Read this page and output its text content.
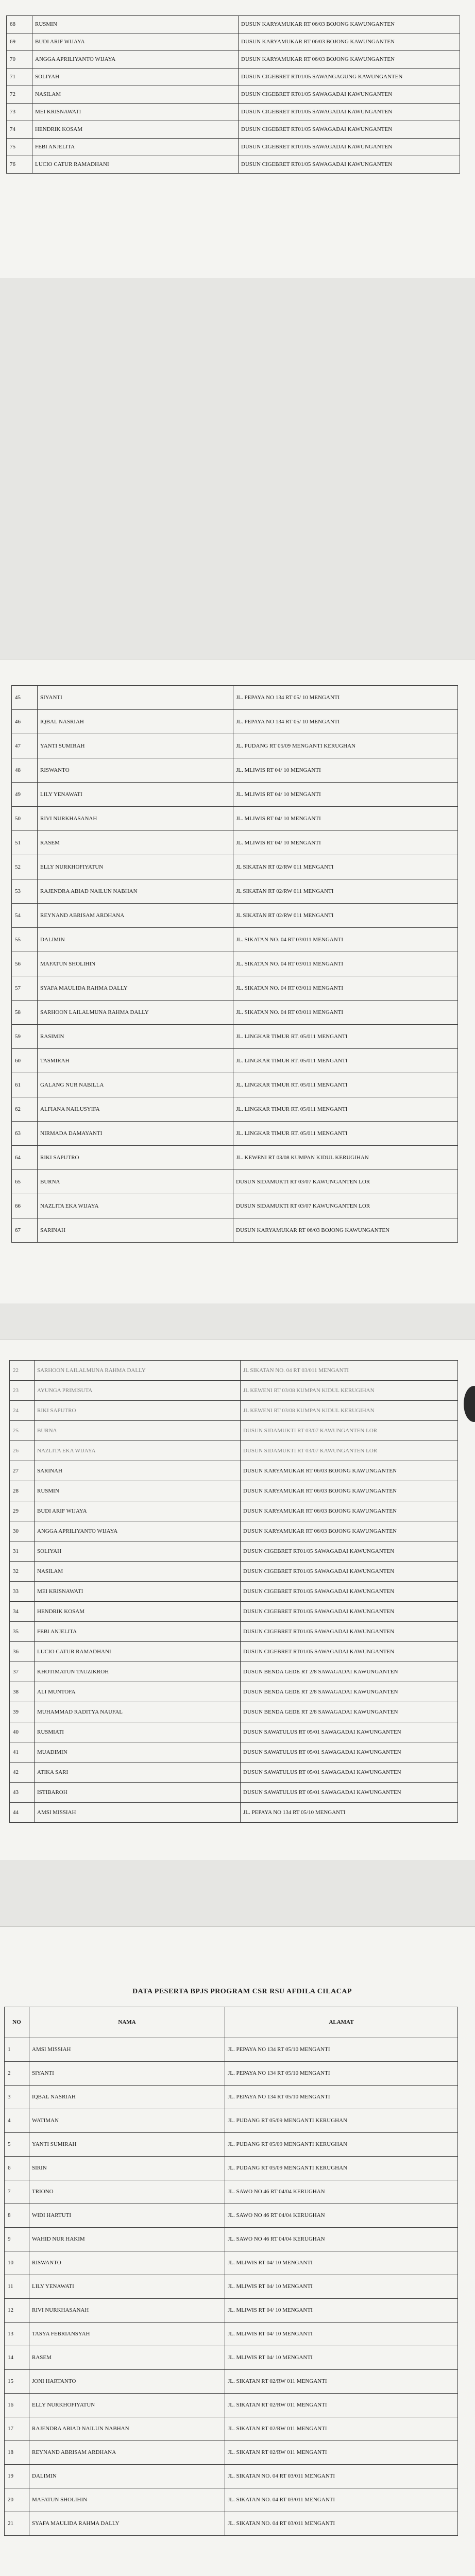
68	RUSMIN	DUSUN KARYAMUKAR RT 06/03 BOJONG KAWUNGANTEN
69	BUDI ARIF WIJAYA	DUSUN KARYAMUKAR RT 06/03 BOJONG KAWUNGANTEN
70	ANGGA APRILIYANTO WIJAYA	DUSUN KARYAMUKAR RT 06/03 BOJONG KAWUNGANTEN
71	SOLIYAH	DUSUN CIGEBRET RT01/05 SAWANGAGUNG KAWUNGANTEN
72	NASILAM	DUSUN CIGEBRET RT01/05 SAWAGADAI KAWUNGANTEN
73	MEI KRISNAWATI	DUSUN CIGEBRET RT01/05 SAWAGADAI KAWUNGANTEN
74	HENDRIK KOSAM	DUSUN CIGEBRET RT01/05 SAWAGADAI KAWUNGANTEN
75	FEBI ANJELITA	DUSUN CIGEBRET RT01/05 SAWAGADAI KAWUNGANTEN
76	LUCIO CATUR RAMADHANI	DUSUN CIGEBRET RT01/05 SAWAGADAI KAWUNGANTEN
45	SIYANTI	JL. PEPAYA NO 134 RT 05/ 10 MENGANTI
46	IQBAL NASRIAH	JL. PEPAYA NO 134 RT 05/ 10 MENGANTI
47	YANTI SUMIRAH	JL. PUDANG RT 05/09 MENGANTI KERUGHAN
48	RISWANTO	JL. MLIWIS RT 04/ 10 MENGANTI
49	LILY YENAWATI	JL. MLIWIS RT 04/ 10 MENGANTI
50	RIVI NURKHASANAH	JL. MLIWIS RT 04/ 10 MENGANTI
51	RASEM	JL. MLIWIS RT 04/ 10 MENGANTI
52	ELLY NURKHOFIYATUN	JL SIKATAN RT 02/RW 011 MENGANTI
53	RAJENDRA ABIAD NAILUN NABHAN	JL SIKATAN RT 02/RW 011 MENGANTI
54	REYNAND ABRISAM ARDHANA	JL SIKATAN RT 02/RW 011 MENGANTI
55	DALIMIN	JL. SIKATAN NO. 04 RT 03/011 MENGANTI
56	MAFATUN SHOLIHIN	JL. SIKATAN NO. 04 RT 03/011 MENGANTI
57	SYAFA MAULIDA RAHMA DALLY	JL. SIKATAN NO. 04 RT 03/011 MENGANTI
58	SARHOON LAILALMUNA RAHMA DALLY	JL. SIKATAN NO. 04 RT 03/011 MENGANTI
59	RASIMIN	JL. LINGKAR TIMUR RT. 05/011 MENGANTI
60	TASMIRAH	JL. LINGKAR TIMUR RT. 05/011 MENGANTI
61	GALANG NUR NABILLA	JL. LINGKAR TIMUR RT. 05/011 MENGANTI
62	ALFIANA NAILUSYIFA	JL. LINGKAR TIMUR RT. 05/011 MENGANTI
63	NIRMADA DAMAYANTI	JL. LINGKAR TIMUR RT. 05/011 MENGANTI
64	RIKI SAPUTRO	JL. KEWENI RT 03/08 KUMPAN KIDUL KERUGIHAN
65	BURNA	DUSUN SIDAMUKTI RT 03/07 KAWUNGANTEN LOR
66	NAZLITA EKA WIJAYA	DUSUN SIDAMUKTI RT 03/07 KAWUNGANTEN LOR
67	SARINAH	DUSUN KARYAMUKAR RT 06/03 BOJONG KAWUNGANTEN
22	SARHOON LAILALMUNA RAHMA DALLY	JL SIKATAN NO. 04 RT 03/011 MENGANTI
23	AYUNGA PRIMISUTA	JL KEWENI RT 03/08 KUMPAN KIDUL KERUGIHAN
24	RIKI SAPUTRO	JL KEWENI RT 03/08 KUMPAN KIDUL KERUGIHAN
25	BURNA	DUSUN SIDAMUKTI RT 03/07 KAWUNGANTEN LOR
26	NAZLITA EKA WIJAYA	DUSUN SIDAMUKTI RT 03/07 KAWUNGANTEN LOR
27	SARINAH	DUSUN KARYAMUKAR RT 06/03 BOJONG KAWUNGANTEN
28	RUSMIN	DUSUN KARYAMUKAR RT 06/03 BOJONG KAWUNGANTEN
29	BUDI ARIF WIJAYA	DUSUN KARYAMUKAR RT 06/03 BOJONG KAWUNGANTEN
30	ANGGA APRILIYANTO WIJAYA	DUSUN KARYAMUKAR RT 06/03 BOJONG KAWUNGANTEN
31	SOLIYAH	DUSUN CIGEBRET RT01/05 SAWAGADAI KAWUNGANTEN
32	NASILAM	DUSUN CIGEBRET RT01/05 SAWAGADAI KAWUNGANTEN
33	MEI KRISNAWATI	DUSUN CIGEBRET RT01/05 SAWAGADAI KAWUNGANTEN
34	HENDRIK KOSAM	DUSUN CIGEBRET RT01/05 SAWAGADAI KAWUNGANTEN
35	FEBI ANJELITA	DUSUN CIGEBRET RT01/05 SAWAGADAI KAWUNGANTEN
36	LUCIO CATUR RAMADHANI	DUSUN CIGEBRET RT01/05 SAWAGADAI KAWUNGANTEN
37	KHOTIMATUN TAUZIKROH	DUSUN BENDA GEDE RT 2/8 SAWAGADAI KAWUNGANTEN
38	ALI MUNTOFA	DUSUN BENDA GEDE RT 2/8 SAWAGADAI KAWUNGANTEN
39	MUHAMMAD RADITYA NAUFAL	DUSUN BENDA GEDE RT 2/8 SAWAGADAI KAWUNGANTEN
40	RUSMIATI	DUSUN SAWATULUS RT 05/01 SAWAGADAI KAWUNGANTEN
41	MUADIMIN	DUSUN SAWATULUS RT 05/01 SAWAGADAI KAWUNGANTEN
42	ATIKA SARI	DUSUN SAWATULUS RT 05/01 SAWAGADAI KAWUNGANTEN
43	ISTIBAROH	DUSUN SAWATULUS RT 05/01 SAWAGADAI KAWUNGANTEN
44	AMSI MISSIAH	JL. PEPAYA NO 134 RT 05/10 MENGANTI
DATA PESERTA BPJS PROGRAM CSR RSU AFDILA CILACAP
NO	NAMA	ALAMAT
1	AMSI MISSIAH	JL. PEPAYA NO 134 RT 05/10 MENGANTI
2	SIYANTI	JL. PEPAYA NO 134 RT 05/10 MENGANTI
3	IQBAL NASRIAH	JL. PEPAYA NO 134 RT 05/10 MENGANTI
4	WATIMAN	JL. PUDANG RT 05/09 MENGANTI KERUGHAN
5	YANTI SUMIRAH	JL. PUDANG RT 05/09 MENGANTI KERUGHAN
6	SIRIN	JL. PUDANG RT 05/09 MENGANTI KERUGHAN
7	TRIONO	JL. SAWO NO 46 RT 04/04 KERUGHAN
8	WIDI HARTUTI	JL. SAWO NO 46 RT 04/04 KERUGHAN
9	WAHID NUR HAKIM	JL. SAWO NO 46 RT 04/04 KERUGHAN
10	RISWANTO	JL. MLIWIS RT 04/ 10 MENGANTI
11	LILY YENAWATI	JL. MLIWIS RT 04/ 10 MENGANTI
12	RIVI NURKHASANAH	JL. MLIWIS RT 04/ 10 MENGANTI
13	TASYA FEBRIANSYAH	JL. MLIWIS RT 04/ 10 MENGANTI
14	RASEM	JL. MLIWIS RT 04/ 10 MENGANTI
15	JONI HARTANTO	JL. SIKATAN RT 02/RW 011 MENGANTI
16	ELLY NURKHOFIYATUN	JL. SIKATAN RT 02/RW 011 MENGANTI
17	RAJENDRA ABIAD NAILUN NABHAN	JL. SIKATAN RT 02/RW 011 MENGANTI
18	REYNAND ABRISAM ARDHANA	JL. SIKATAN RT 02/RW 011 MENGANTI
19	DALIMIN	JL. SIKATAN NO. 04 RT 03/011 MENGANTI
20	MAFATUN SHOLIHIN	JL. SIKATAN NO. 04 RT 03/011 MENGANTI
21	SYAFA MAULIDA RAHMA DALLY	JL. SIKATAN NO. 04 RT 03/011 MENGANTI
